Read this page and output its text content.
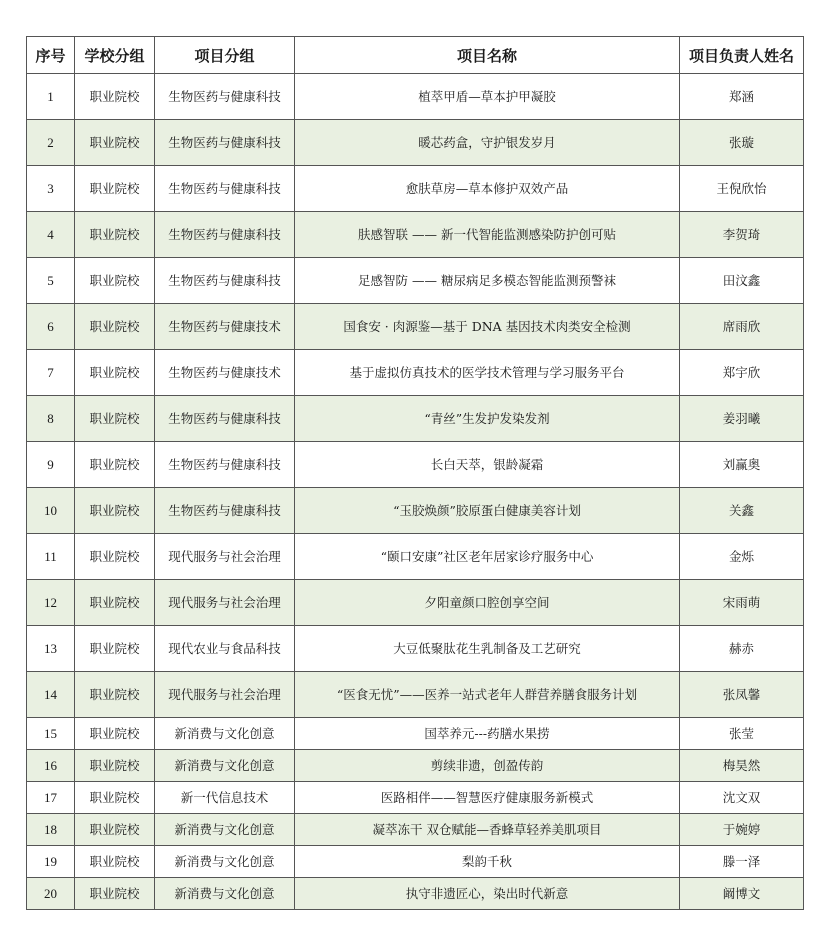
序号	学校分组	项目分组	项目名称	项目负责人姓名
1	职业院校	生物医药与健康科技	植萃甲盾—草本护甲凝胶	郑涵
2	职业院校	生物医药与健康科技	暖芯药盒，守护银发岁月	张璇
3	职业院校	生物医药与健康科技	愈肤草房—草本修护双效产品	王倪欣怡
4	职业院校	生物医药与健康科技	肤感智联 —— 新一代智能监测感染防护创可贴	李贺琦
5	职业院校	生物医药与健康科技	足感智防 —— 糖尿病足多模态智能监测预警袜	田汶鑫
6	职业院校	生物医药与健康技术	国食安 · 肉源鉴—基于 DNA 基因技术肉类安全检测	席雨欣
7	职业院校	生物医药与健康技术	基于虚拟仿真技术的医学技术管理与学习服务平台	郑宇欣
8	职业院校	生物医药与健康科技	“青丝”生发护发染发剂	姜羽曦
9	职业院校	生物医药与健康科技	长白天萃，银龄凝霜	刘赢奥
10	职业院校	生物医药与健康科技	“玉胶焕颜”胶原蛋白健康美容计划	关鑫
11	职业院校	现代服务与社会治理	“颐口安康”社区老年居家诊疗服务中心	金烁
12	职业院校	现代服务与社会治理	夕阳童颜口腔创享空间	宋雨萌
13	职业院校	现代农业与食品科技	大豆低聚肽花生乳制备及工艺研究	赫赤
14	职业院校	现代服务与社会治理	“医食无忧”——医养一站式老年人群营养膳食服务计划	张凤馨
15	职业院校	新消费与文化创意	国萃养元---药膳水果捞	张莹
16	职业院校	新消费与文化创意	剪续非遗，创盈传韵	梅昊然
17	职业院校	新一代信息技术	医路相伴——智慧医疗健康服务新模式	沈文双
18	职业院校	新消费与文化创意	凝萃冻干 双仓赋能—香蜂草轻养美肌项目	于婉婷
19	职业院校	新消费与文化创意	梨韵千秋	滕一泽
20	职业院校	新消费与文化创意	执守非遗匠心，染出时代新意	阚博文
